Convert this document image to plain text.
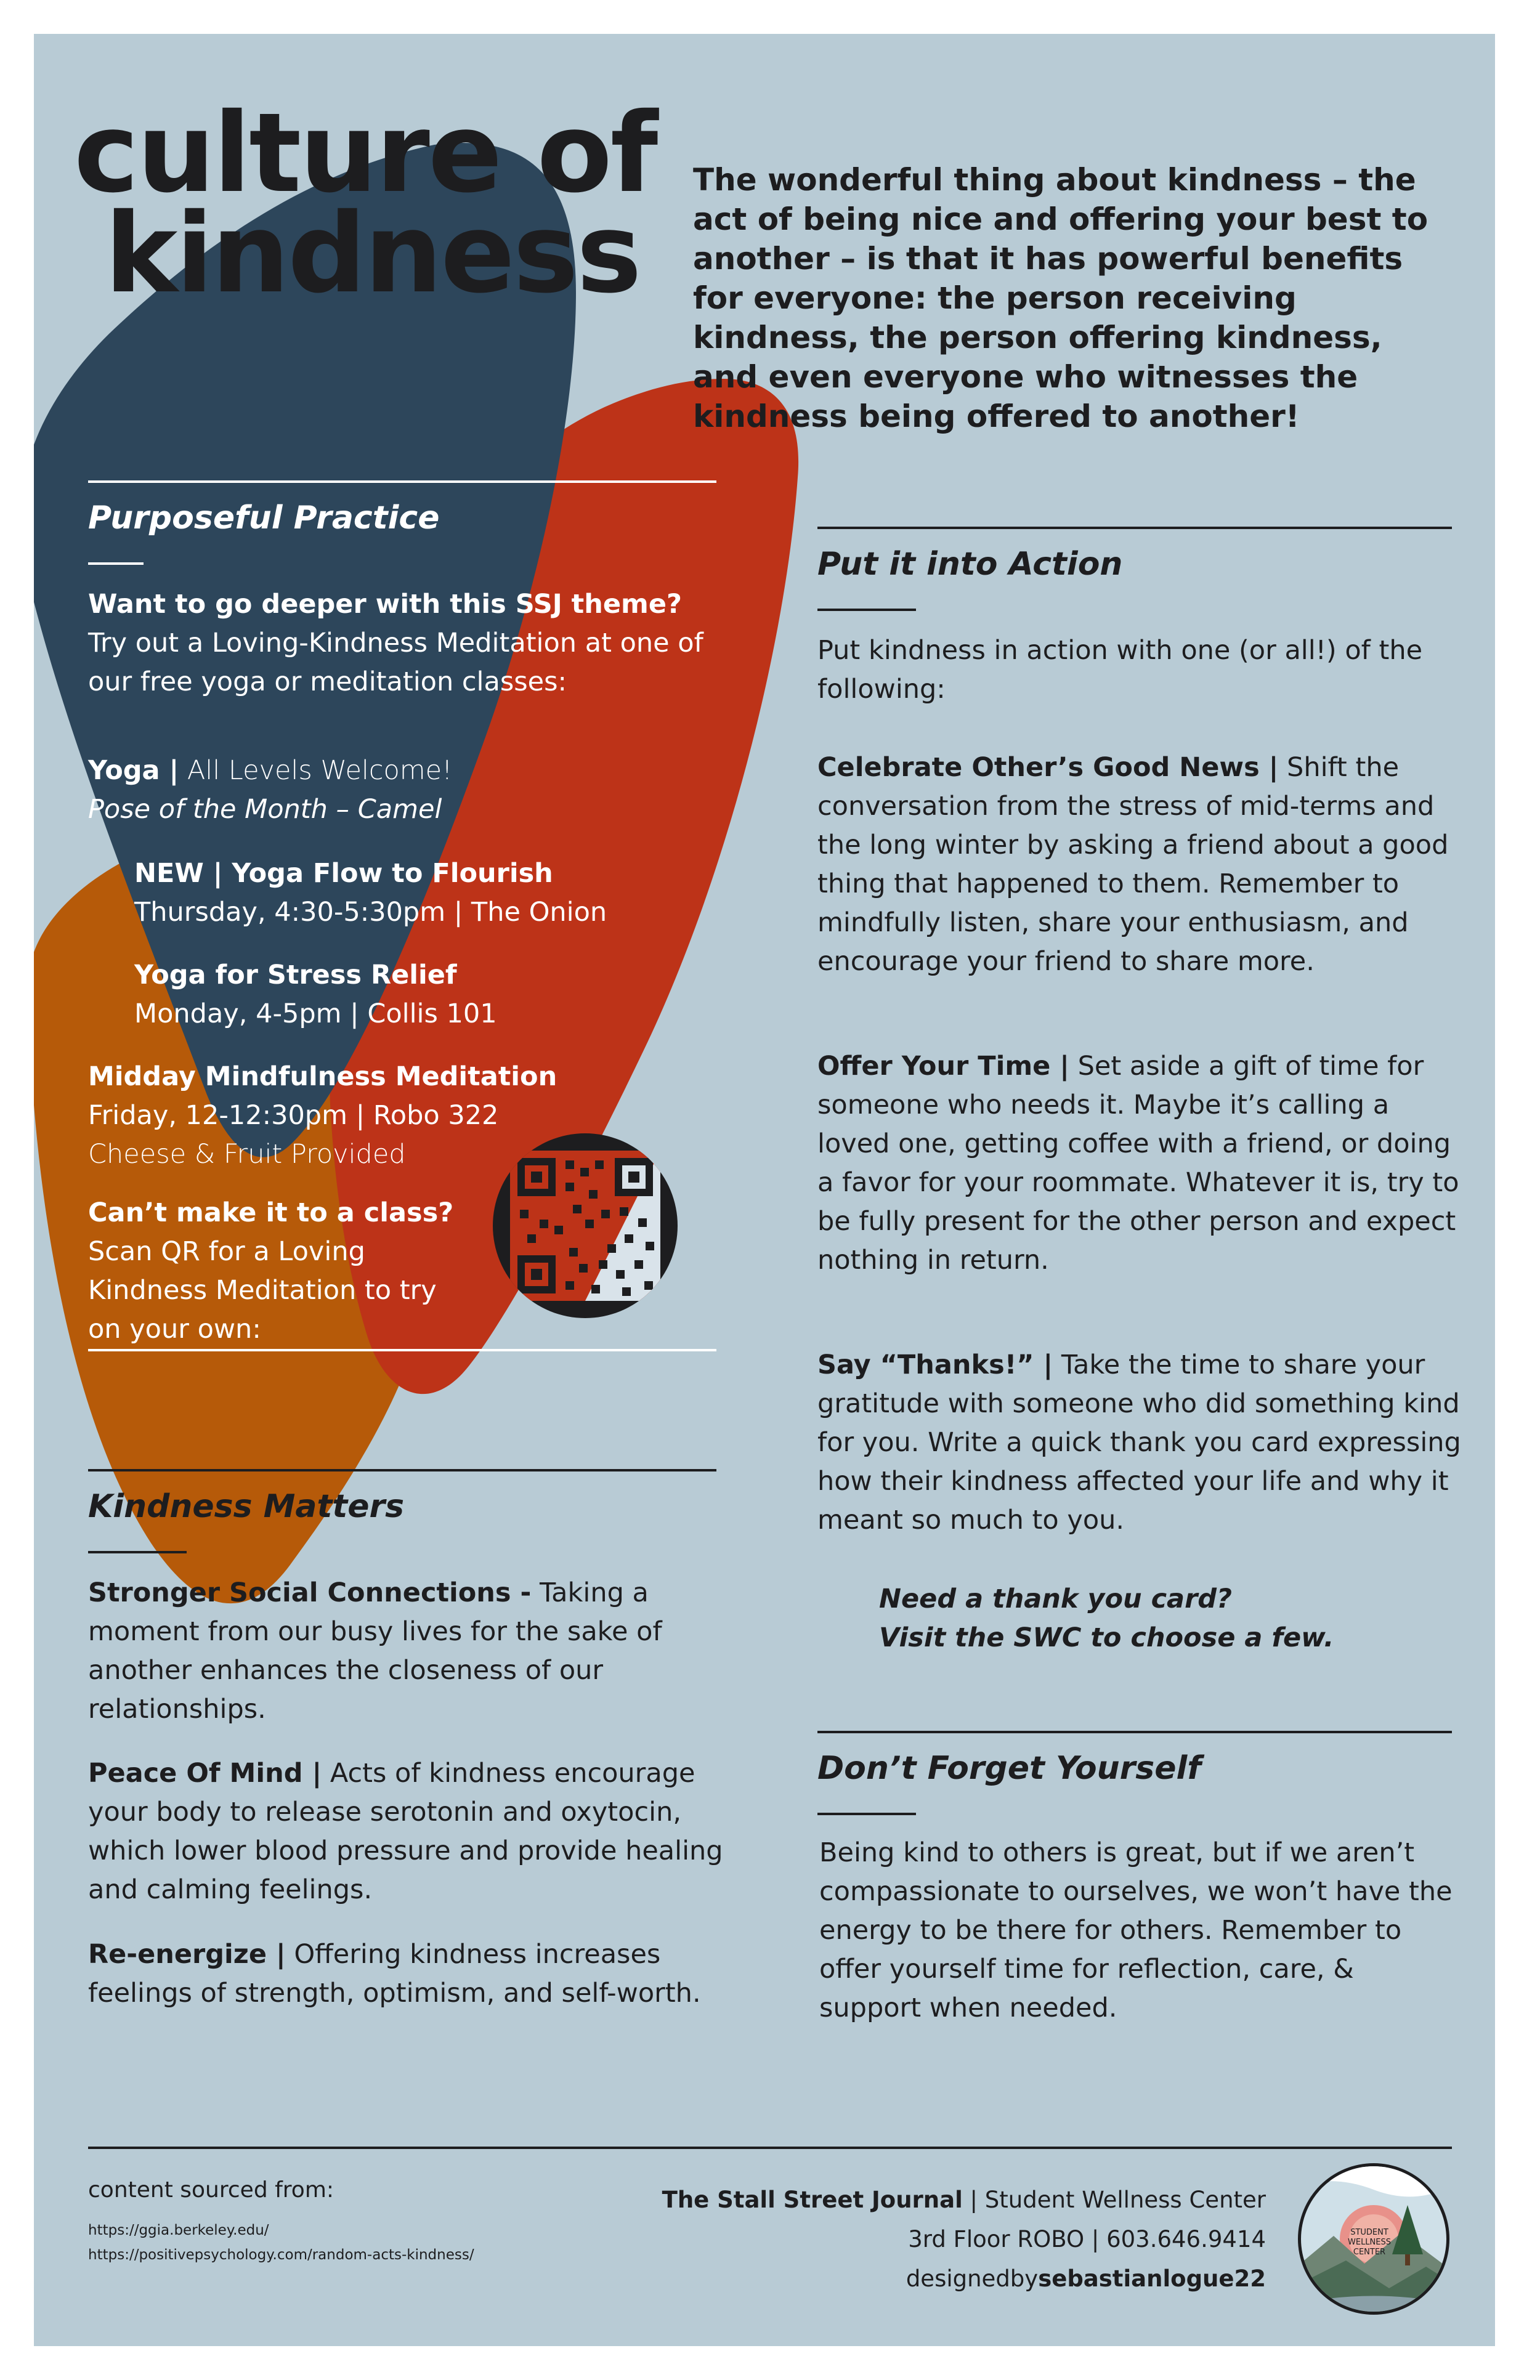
culture of
kindness
The wonderful thing about kindness – the act of being nice and offering your best to another – is that it has powerful benefits for everyone: the person receiving kindness, the person offering kindness, and even everyone who witnesses the kindness being offered to another!
Purposeful Practice
Want to go deeper with this SSJ theme?
Try out a Loving-Kindness Meditation at one of our free yoga or meditation classes:
Yoga | All Levels Welcome!
Pose of the Month – Camel
NEW | Yoga Flow to Flourish
Thursday, 4:30-5:30pm | The Onion
Yoga for Stress Relief
Monday, 4-5pm | Collis 101
Midday Mindfulness Meditation
Friday, 12-12:30pm | Robo 322
Cheese & Fruit Provided
Can’t make it to a class?
Scan QR for a Loving
Kindness Meditation to try
on your own:
Kindness Matters
Stronger Social Connections - Taking a moment from our busy lives for the sake of another enhances the closeness of our relationships.
Peace Of Mind | Acts of kindness encourage your body to release serotonin and oxytocin, which lower blood pressure and provide healing and calming feelings.
Re-energize | Offering kindness increases feelings of strength, optimism, and self-worth.
Put it into Action
Put kindness in action with one (or all!) of the following:
Celebrate Other’s Good News | Shift the conversation from the stress of mid-terms and the long winter by asking a friend about a good thing that happened to them. Remember to mindfully listen, share your enthusiasm, and encourage your friend to share more.
Offer Your Time | Set aside a gift of time for someone who needs it. Maybe it’s calling a loved one, getting coffee with a friend, or doing a favor for your roommate. Whatever it is, try to be fully present for the other person and expect nothing in return.
Say “Thanks!” | Take the time to share your gratitude with someone who did something kind for you. Write a quick thank you card expressing how their kindness affected your life and why it meant so much to you.
Need a thank you card?
Visit the SWC to choose a few.
Don’t Forget Yourself
Being kind to others is great, but if we aren’t compassionate to ourselves, we won’t have the energy to be there for others. Remember to offer yourself time for reflection, care, & support when needed.
content sourced from:
https://ggia.berkeley.edu/
https://positivepsychology.com/random-acts-kindness/
The Stall Street Journal | Student Wellness Center
3rd Floor ROBO | 603.646.9414
designedbysebastianlogue22
STUDENT
WELLNESS
CENTER
